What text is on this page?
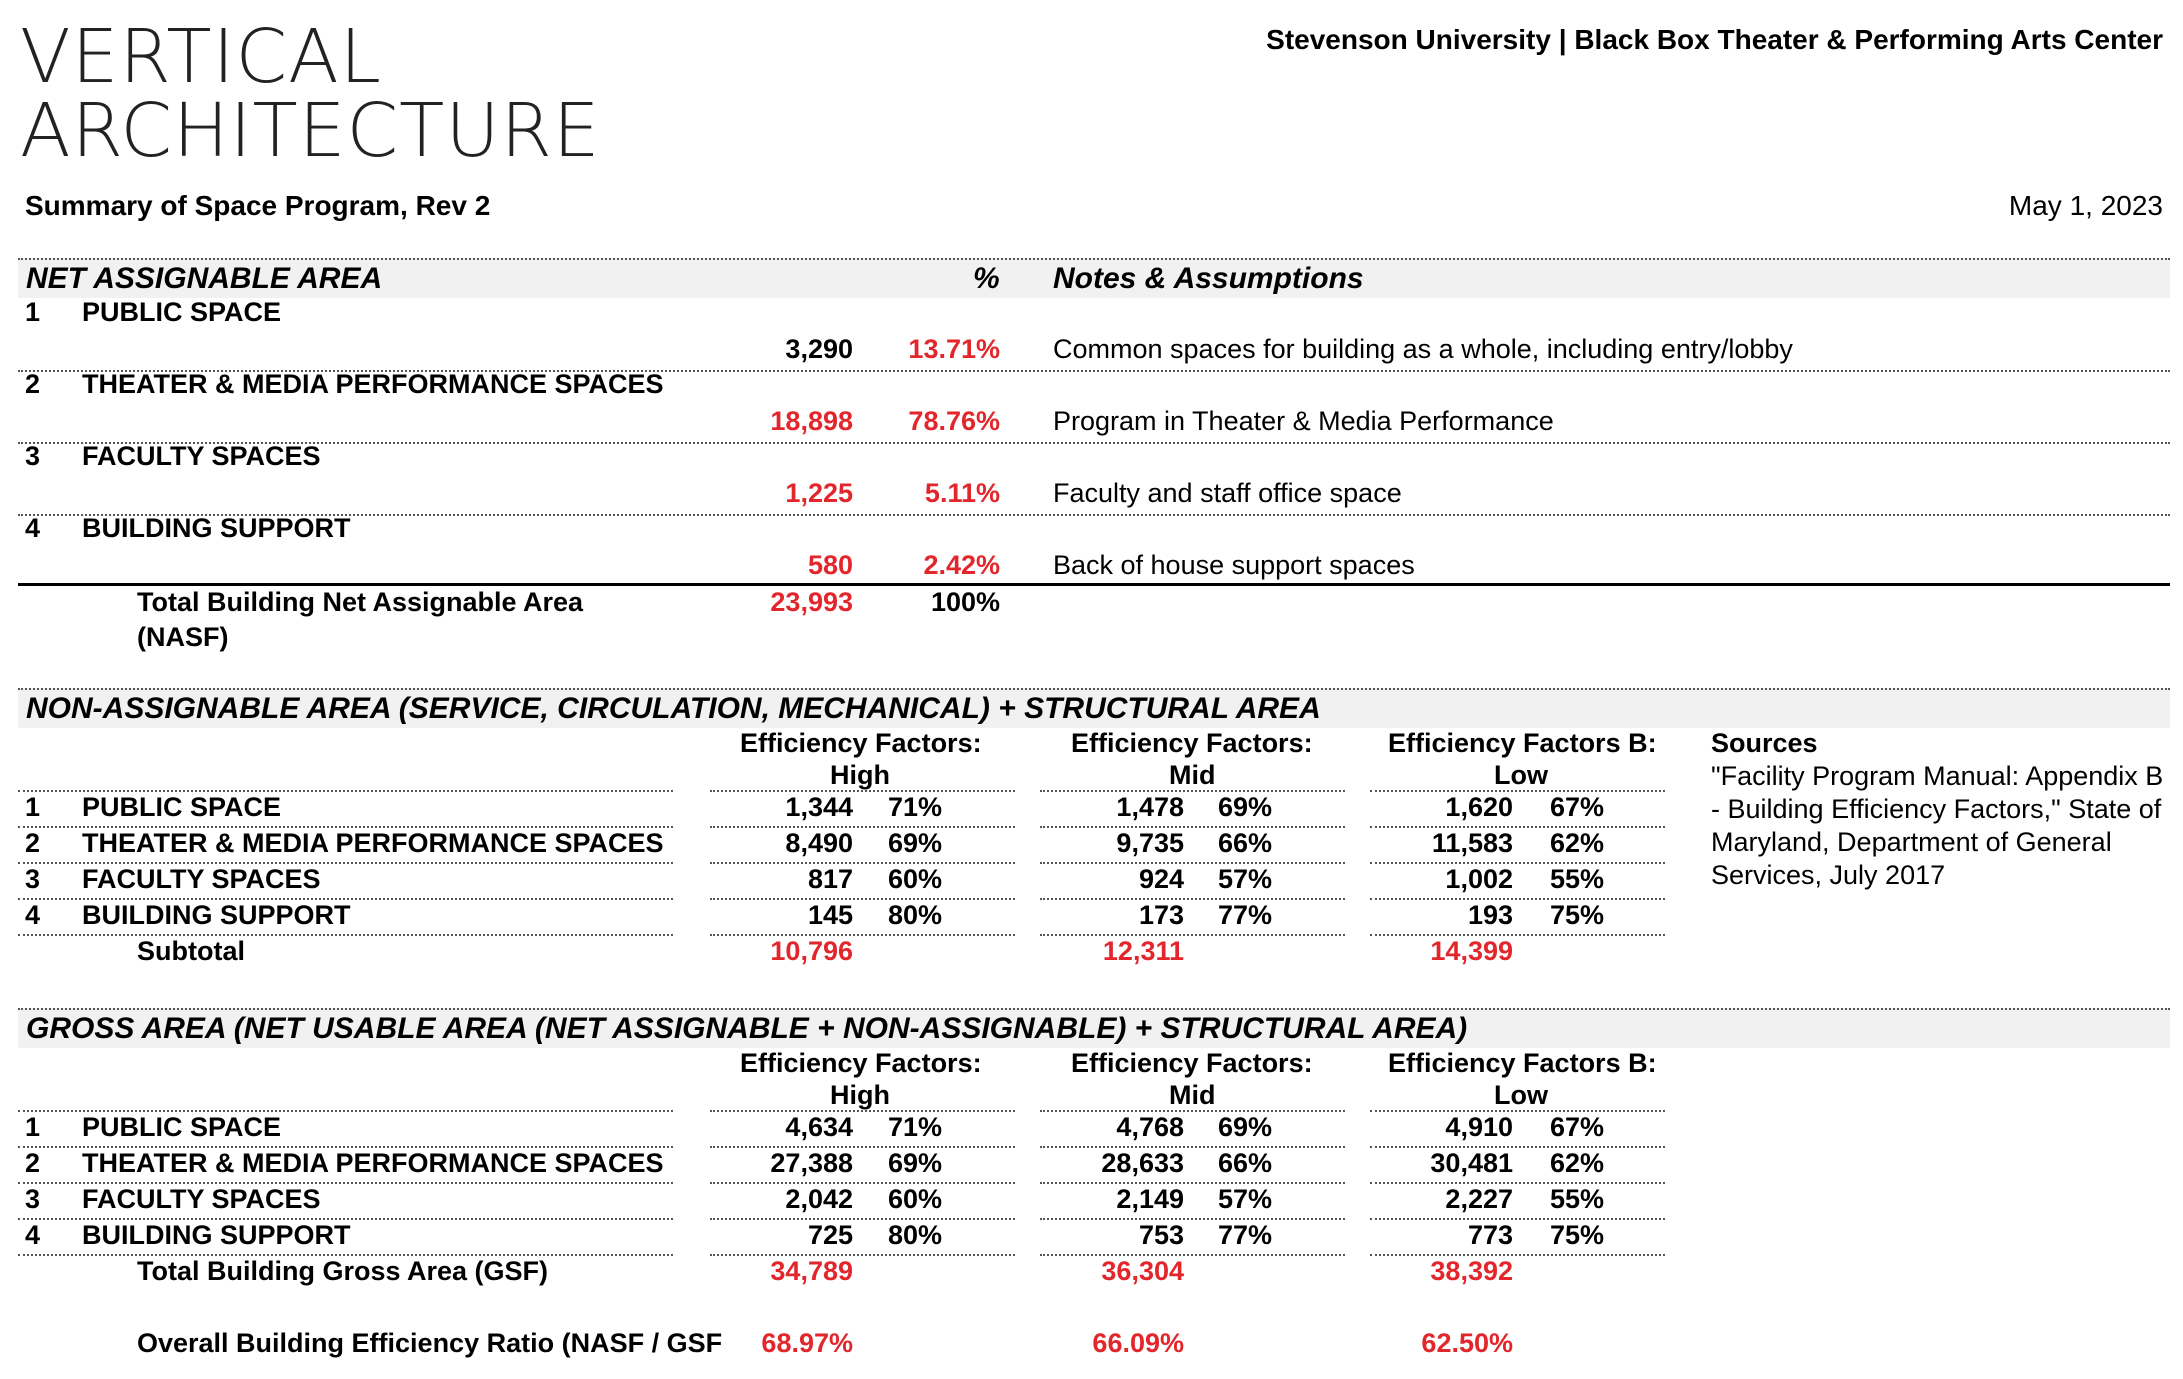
VERTICAL
ARCHITECTURE
Stevenson University | Black Box Theater & Performing Arts Center
Summary of Space Program, Rev 2	May 1, 2023
NET ASSIGNABLE AREA	% Notes & Assumptions
1 PUBLIC SPACE
3,290 13.71% Common spaces for building as a whole, including entry/lobby
2 THEATER & MEDIA PERFORMANCE SPACES
18,898 78.76% Program in Theater & Media Performance
3 FACULTY SPACES
1,225	5.11% Faculty and staff office space
4 BUILDING SUPPORT
580	2.42% Back of house support spaces
Total Building Net Assignable Area
(NASF)
23,993	100%
NON-ASSIGNABLE AREA (SERVICE, CIRCULATION, MECHANICAL) + STRUCTURAL AREA
Efficiency Factors:
High
Efficiency Factors:
Mid
Efficiency Factors B:
Low
Sources
"Facility Program Manual: Appendix B
- Building Efficiency Factors," State of
Maryland, Department of General
Services, July 2017
1 PUBLIC SPACE	1,344 71%	1,478 69%	1,620 67%
2 THEATER & MEDIA PERFORMANCE SPACES	8,490 69%	9,735 66%	11,583 62%
3 FACULTY SPACES	817 60%	924 57%	1,002 55%
4 BUILDING SUPPORT	145 80%	173 77%	193 75%
Subtotal	10,796	12,311	14,399
GROSS AREA (NET USABLE AREA (NET ASSIGNABLE + NON-ASSIGNABLE) + STRUCTURAL AREA)
Efficiency Factors:
High
Efficiency Factors:
Mid
Efficiency Factors B:
Low
1 PUBLIC SPACE	4,634 71%	4,768 69%	4,910 67%
2 THEATER & MEDIA PERFORMANCE SPACES	27,388 69%	28,633 66%	30,481 62%
3 FACULTY SPACES	2,042 60%	2,149 57%	2,227 55%
4 BUILDING SUPPORT	725 80%	753 77%	773 75%
Total Building Gross Area (GSF)	34,789	36,304	38,392
Overall Building Efficiency Ratio (NASF / GSF 68.97%	66.09%	62.50%
